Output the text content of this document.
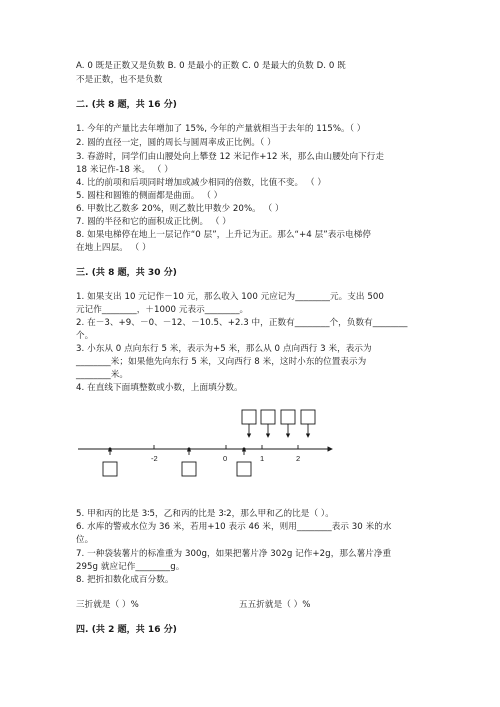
A. 0 既是正数又是负数 B. 0 是最小的正数 C. 0 是最大的负数 D. 0 既
不是正数，也不是负数
二. (共 8 题，共 16 分)
1. 今年的产量比去年增加了 15%, 今年的产量就相当于去年的 115%。（ ）
2. 圆的直径一定，圆的周长与圆周率成正比例。（ ）
3. 春游时，同学们由山腰处向上攀登 12 米记作+12 米，那么由山腰处向下行走
18 米记作-18 米。 （ ）
4. 比的前项和后项同时增加或减少相同的倍数，比值不变。 （ ）
5. 圆柱和圆锥的侧面都是曲面。 （ ）
6. 甲数比乙数多 20%，则乙数比甲数少 20%。 （ ）
7. 圆的半径和它的面积成正比例。 （ ）
8. 如果电梯停在地上一层记作“0 层”，上升记为正。那么“+4 层”表示电梯停
在地上四层。 （ ）
三. (共 8 题，共 30 分)
1. 如果支出 10 元记作－10 元，那么收入 100 元应记为________元。支出 500
元记作________，＋1000 元表示________。
2. 在－3、+9、－0、－12、－10.5、+2.3 中，正数有________个，负数有________
个。
3. 小东从 0 点向东行 5 米，表示为+5 米，那么从 0 点向西行 3 米，表示为
________米；如果他先向东行 5 米，又向西行 8 米，这时小东的位置表示为
________米。
4. 在直线下面填整数或小数，上面填分数。
-2	0	1	2
5. 甲和丙的比是 3∶5，乙和丙的比是 3∶2，那么甲和乙的比是（ ）。
6. 水库的警戒水位为 36 米，若用+10 表示 46 米，则用________表示 30 米的水
位。
7. 一种袋装薯片的标准重为 300g，如果把薯片净 302g 记作+2g，那么薯片净重
295g 就应记作________g。
8. 把折扣数化成百分数。
三折就是（ ）%	五五折就是（ ）%
四. (共 2 题，共 16 分)
